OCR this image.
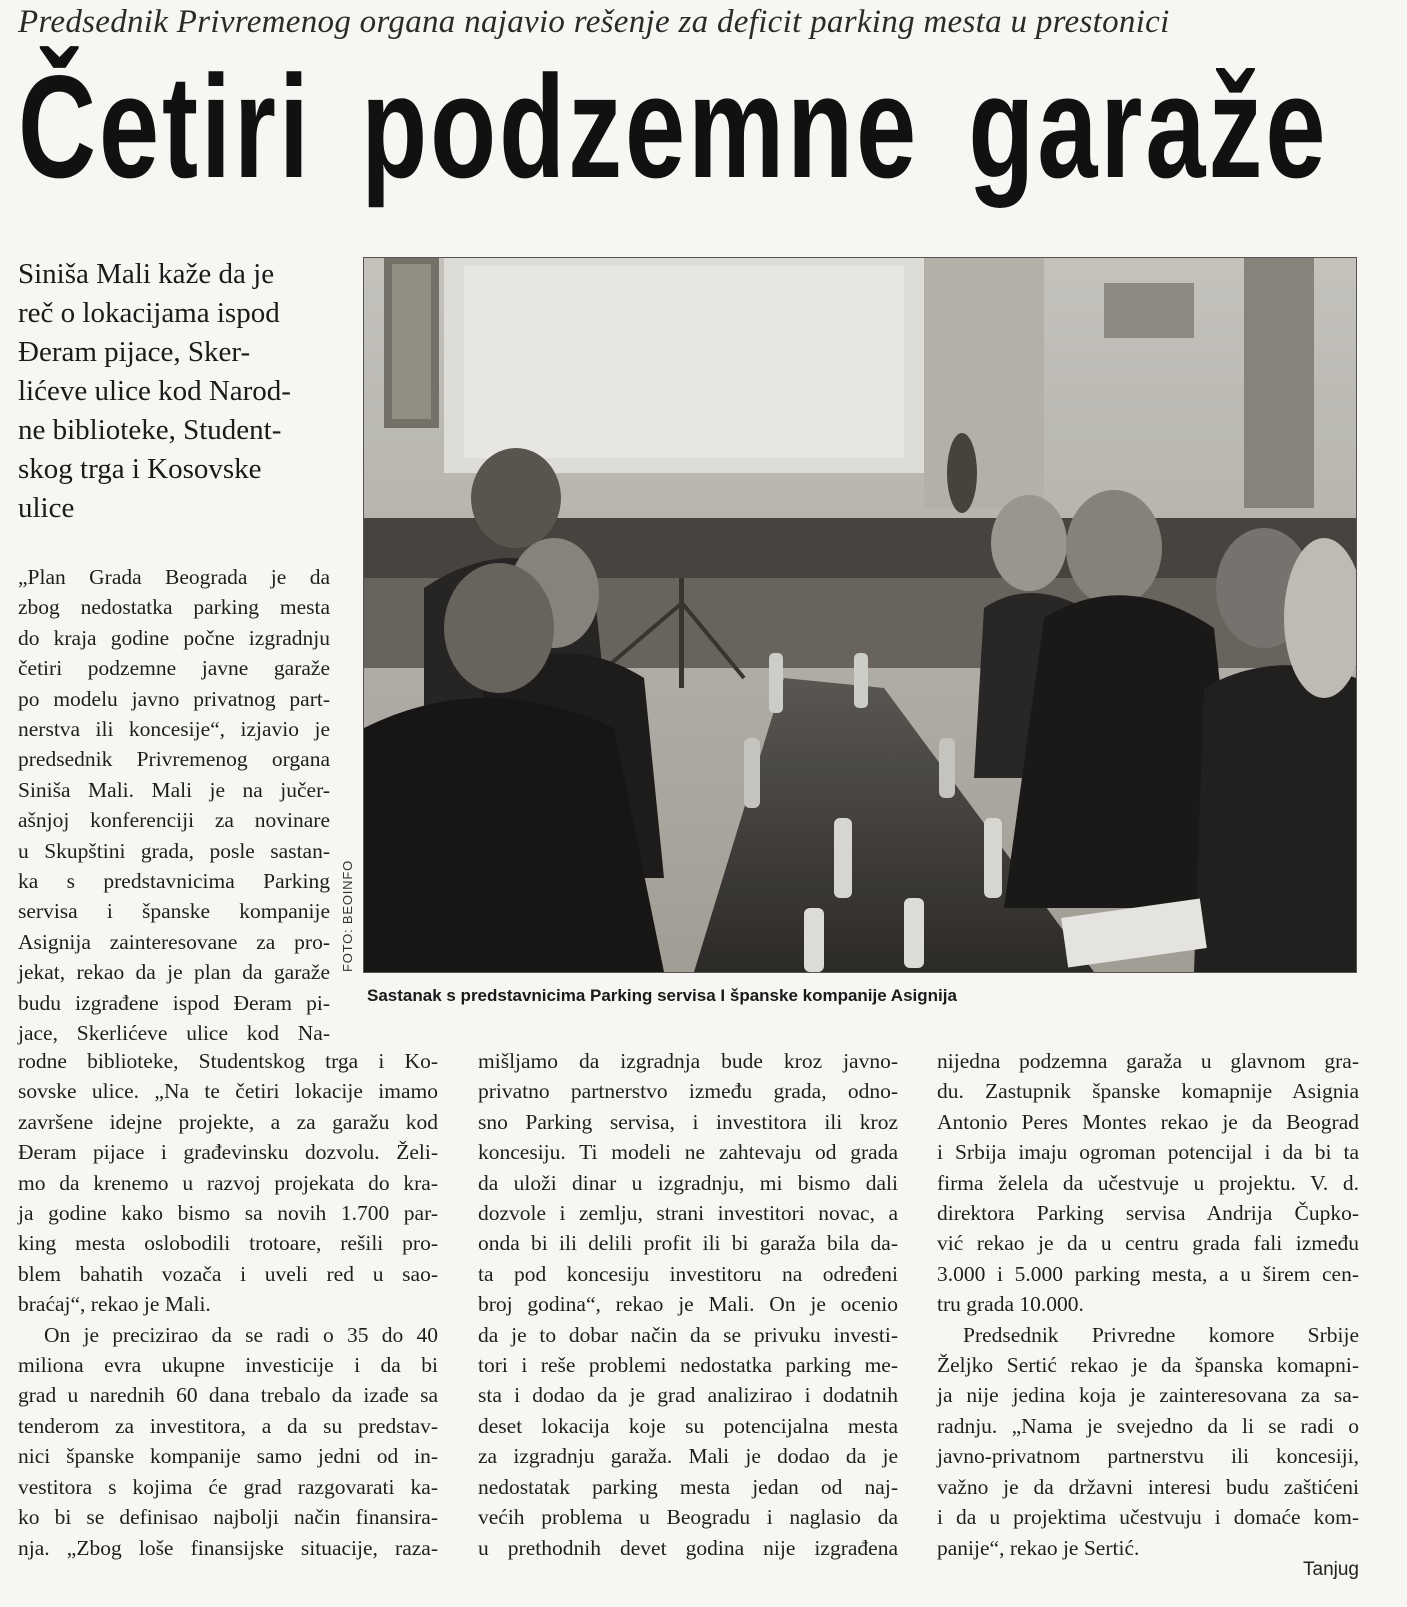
Predsednik Privremenog organa najavio rešenje za deficit parking mesta u prestonici
Četiri podzemne garaže
Siniša Mali kaže da je
reč o lokacijama ispod
Đeram pijace, Sker-
lićeve ulice kod Narod-
ne biblioteke, Student-
skog trga i Kosovske
ulice
FOTO: BEOINFO
Sastanak s predstavnicima Parking servisa I španske kompanije Asignija
„Plan Grada Beograda je da
zbog nedostatka parking mesta
do kraja godine počne izgradnju
četiri podzemne javne garaže
po modelu javno privatnog part-
nerstva ili koncesije“, izjavio je
predsednik Privremenog organa
Siniša Mali. Mali je na jučer-
ašnjoj konferenciji za novinare
u Skupštini grada, posle sastan-
ka s predstavnicima Parking
servisa i španske kompanije
Asignija zainteresovane za pro-
jekat, rekao da je plan da garaže
budu izgrađene ispod Đeram pi-
jace, Skerlićeve ulice kod Na-
rodne biblioteke, Studentskog trga i Ko-
sovske ulice. „Na te četiri lokacije imamo
završene idejne projekte, a za garažu kod
Đeram pijace i građevinsku dozvolu. Želi-
mo da krenemo u razvoj projekata do kra-
ja godine kako bismo sa novih 1.700 par-
king mesta oslobodili trotoare, rešili pro-
blem bahatih vozača i uveli red u sao-
braćaj“, rekao je Mali.
On je precizirao da se radi o 35 do 40
miliona evra ukupne investicije i da bi
grad u narednih 60 dana trebalo da izađe sa
tenderom za investitora, a da su predstav-
nici španske kompanije samo jedni od in-
vestitora s kojima će grad razgovarati ka-
ko bi se definisao najbolji način finansira-
nja. „Zbog loše finansijske situacije, raza-
mišljamo da izgradnja bude kroz javno-
privatno partnerstvo između grada, odno-
sno Parking servisa, i investitora ili kroz
koncesiju. Ti modeli ne zahtevaju od grada
da uloži dinar u izgradnju, mi bismo dali
dozvole i zemlju, strani investitori novac, a
onda bi ili delili profit ili bi garaža bila da-
ta pod koncesiju investitoru na određeni
broj godina“, rekao je Mali. On je ocenio
da je to dobar način da se privuku investi-
tori i reše problemi nedostatka parking me-
sta i dodao da je grad analizirao i dodatnih
deset lokacija koje su potencijalna mesta
za izgradnju garaža. Mali je dodao da je
nedostatak parking mesta jedan od naj-
većih problema u Beogradu i naglasio da
u prethodnih devet godina nije izgrađena
nijedna podzemna garaža u glavnom gra-
du. Zastupnik španske komapnije Asignia
Antonio Peres Montes rekao je da Beograd
i Srbija imaju ogroman potencijal i da bi ta
firma želela da učestvuje u projektu. V. d.
direktora Parking servisa Andrija Čupko-
vić rekao je da u centru grada fali između
3.000 i 5.000 parking mesta, a u širem cen-
tru grada 10.000.
Predsednik Privredne komore Srbije
Željko Sertić rekao je da španska komapni-
ja nije jedina koja je zainteresovana za sa-
radnju. „Nama je svejedno da li se radi o
javno-privatnom partnerstvu ili koncesiji,
važno je da državni interesi budu zaštićeni
i da u projektima učestvuju i domaće kom-
panije“, rekao je Sertić.
Tanjug
